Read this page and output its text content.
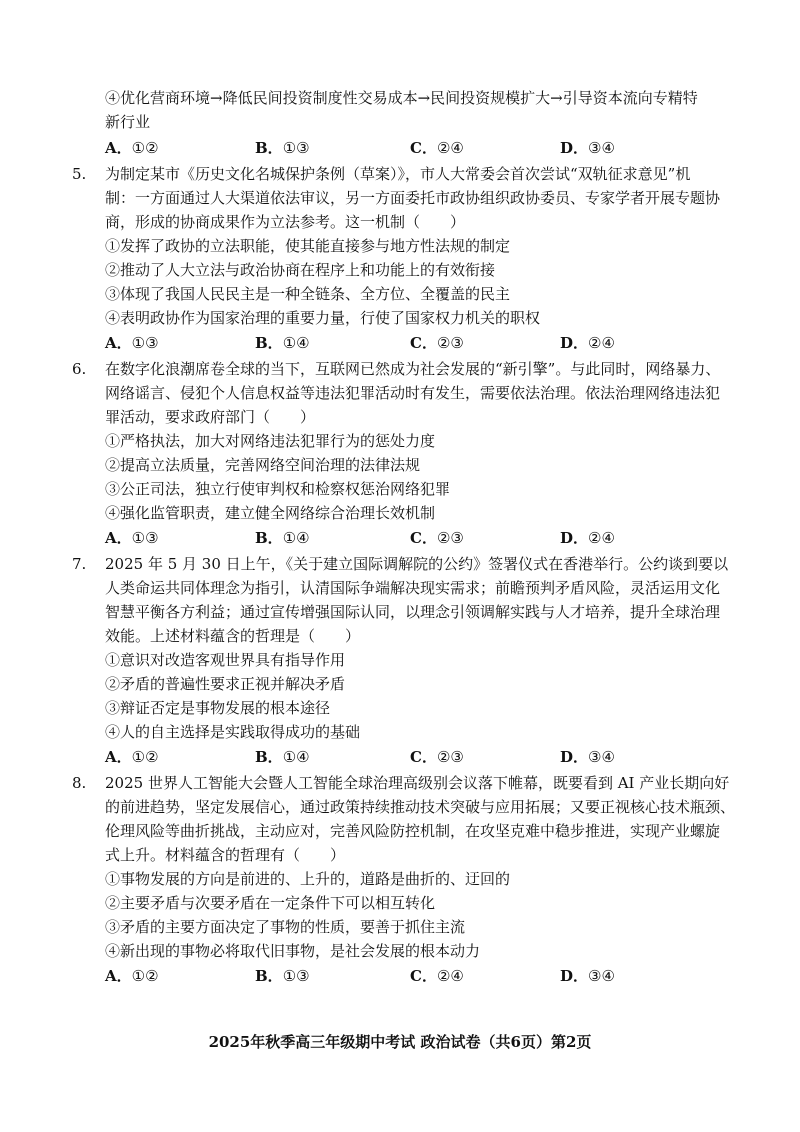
④优化营商环境→降低民间投资制度性交易成本→民间投资规模扩大→引导资本流向专精特
新行业
A．①②	B．①③	C．②④	D．③④
5. 为制定某市《历史文化名城保护条例（草案）》，市人大常委会首次尝试“双轨征求意见”机
制：一方面通过人大渠道依法审议，另一方面委托市政协组织政协委员、专家学者开展专题协
商，形成的协商成果作为立法参考。这一机制（　　）
①发挥了政协的立法职能，使其能直接参与地方性法规的制定
②推动了人大立法与政治协商在程序上和功能上的有效衔接
③体现了我国人民民主是一种全链条、全方位、全覆盖的民主
④表明政协作为国家治理的重要力量，行使了国家权力机关的职权
A．①③	B．①④	C．②③	D．②④
6. 在数字化浪潮席卷全球的当下，互联网已然成为社会发展的“新引擎”。与此同时，网络暴力、
网络谣言、侵犯个人信息权益等违法犯罪活动时有发生，需要依法治理。依法治理网络违法犯
罪活动，要求政府部门（　　）
①严格执法，加大对网络违法犯罪行为的惩处力度
②提高立法质量，完善网络空间治理的法律法规
③公正司法，独立行使审判权和检察权惩治网络犯罪
④强化监管职责，建立健全网络综合治理长效机制
A．①③	B．①④	C．②③	D．②④
7. 2025 年 5 月 30 日上午，《关于建立国际调解院的公约》签署仪式在香港举行。公约谈到要以
人类命运共同体理念为指引，认清国际争端解决现实需求；前瞻预判矛盾风险，灵活运用文化
智慧平衡各方利益；通过宣传增强国际认同，以理念引领调解实践与人才培养，提升全球治理
效能。上述材料蕴含的哲理是（　　）
①意识对改造客观世界具有指导作用
②矛盾的普遍性要求正视并解决矛盾
③辩证否定是事物发展的根本途径
④人的自主选择是实践取得成功的基础
A．①②	B．①④	C．②③	D．③④
8. 2025 世界人工智能大会暨人工智能全球治理高级别会议落下帷幕，既要看到 AI 产业长期向好
的前进趋势，坚定发展信心，通过政策持续推动技术突破与应用拓展；又要正视核心技术瓶颈、
伦理风险等曲折挑战，主动应对，完善风险防控机制，在攻坚克难中稳步推进，实现产业螺旋
式上升。材料蕴含的哲理有（　　）
①事物发展的方向是前进的、上升的，道路是曲折的、迂回的
②主要矛盾与次要矛盾在一定条件下可以相互转化
③矛盾的主要方面决定了事物的性质，要善于抓住主流
④新出现的事物必将取代旧事物，是社会发展的根本动力
A．①②	B．①③	C．②④	D．③④
2025年秋季高三年级期中考试 政治试卷（共6页）第2页
